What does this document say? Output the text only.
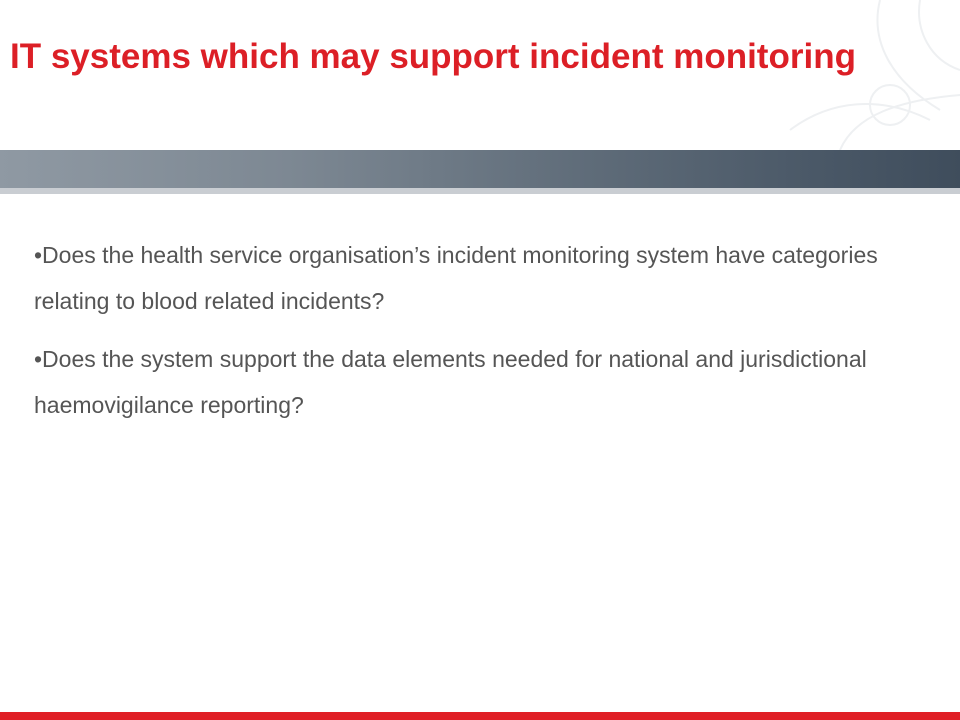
IT systems which may support incident monitoring

•Does the health service organisation’s incident monitoring system have categories relating to blood related incidents?

•Does the system support the data elements needed for national and jurisdictional haemovigilance reporting?
